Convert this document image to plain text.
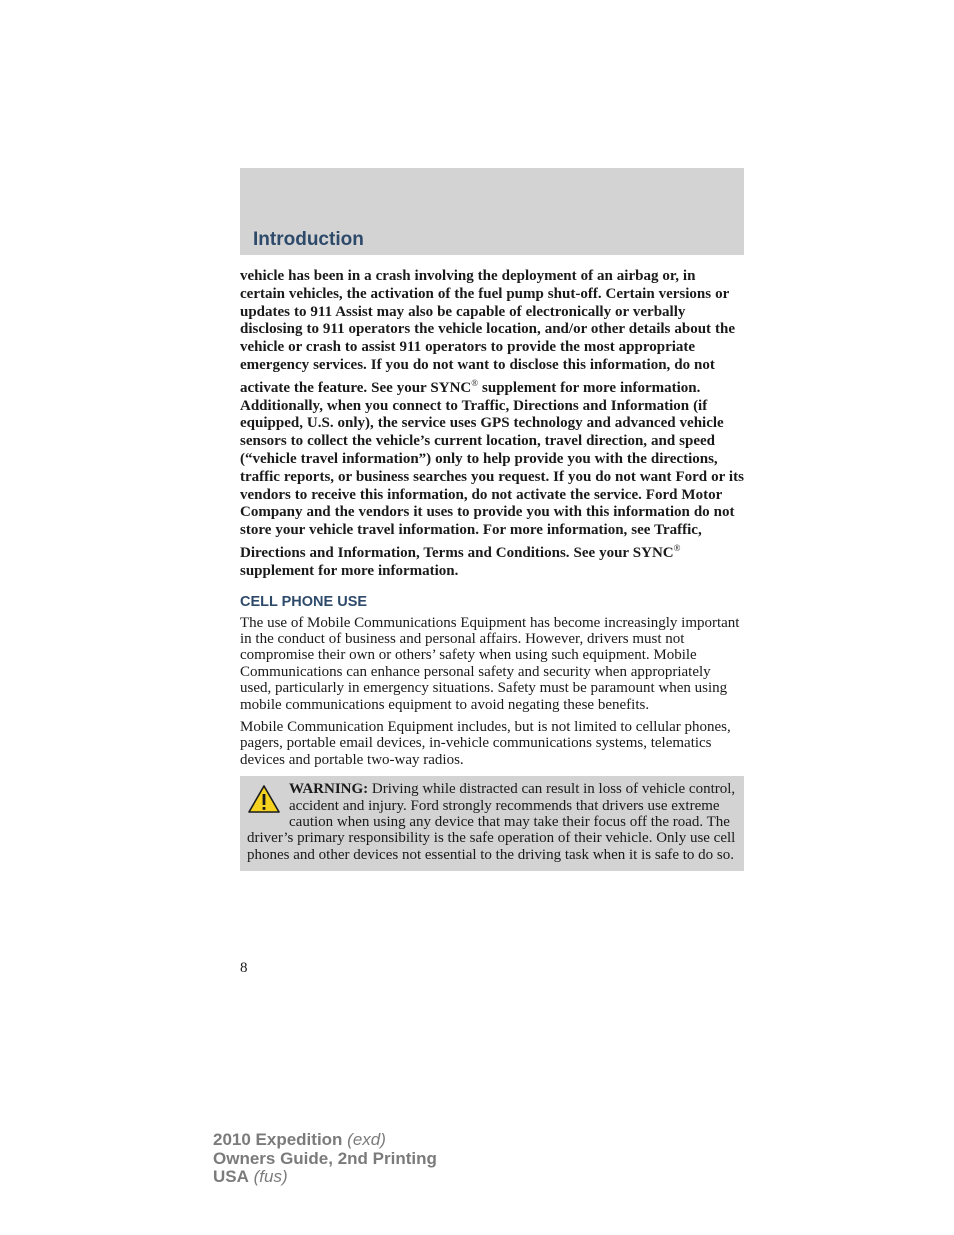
Introduction

vehicle has been in a crash involving the deployment of an airbag or, in certain vehicles, the activation of the fuel pump shut-off. Certain versions or updates to 911 Assist may also be capable of electronically or verbally disclosing to 911 operators the vehicle location, and/or other details about the vehicle or crash to assist 911 operators to provide the most appropriate emergency services. If you do not want to disclose this information, do not activate the feature. See your SYNC® supplement for more information. Additionally, when you connect to Traffic, Directions and Information (if equipped, U.S. only), the service uses GPS technology and advanced vehicle sensors to collect the vehicle’s current location, travel direction, and speed (“vehicle travel information”) only to help provide you with the directions, traffic reports, or business searches you request. If you do not want Ford or its vendors to receive this information, do not activate the service. Ford Motor Company and the vendors it uses to provide you with this information do not store your vehicle travel information. For more information, see Traffic, Directions and Information, Terms and Conditions. See your SYNC® supplement for more information.

CELL PHONE USE

The use of Mobile Communications Equipment has become increasingly important in the conduct of business and personal affairs. However, drivers must not compromise their own or others’ safety when using such equipment. Mobile Communications can enhance personal safety and security when appropriately used, particularly in emergency situations. Safety must be paramount when using mobile communications equipment to avoid negating these benefits.

Mobile Communication Equipment includes, but is not limited to cellular phones, pagers, portable email devices, in-vehicle communications systems, telematics devices and portable two-way radios.

WARNING: Driving while distracted can result in loss of vehicle control, accident and injury. Ford strongly recommends that drivers use extreme caution when using any device that may take their focus off the road. The driver’s primary responsibility is the safe operation of their vehicle. Only use cell phones and other devices not essential to the driving task when it is safe to do so.
8
2010 Expedition (exd)
Owners Guide, 2nd Printing
USA (fus)
